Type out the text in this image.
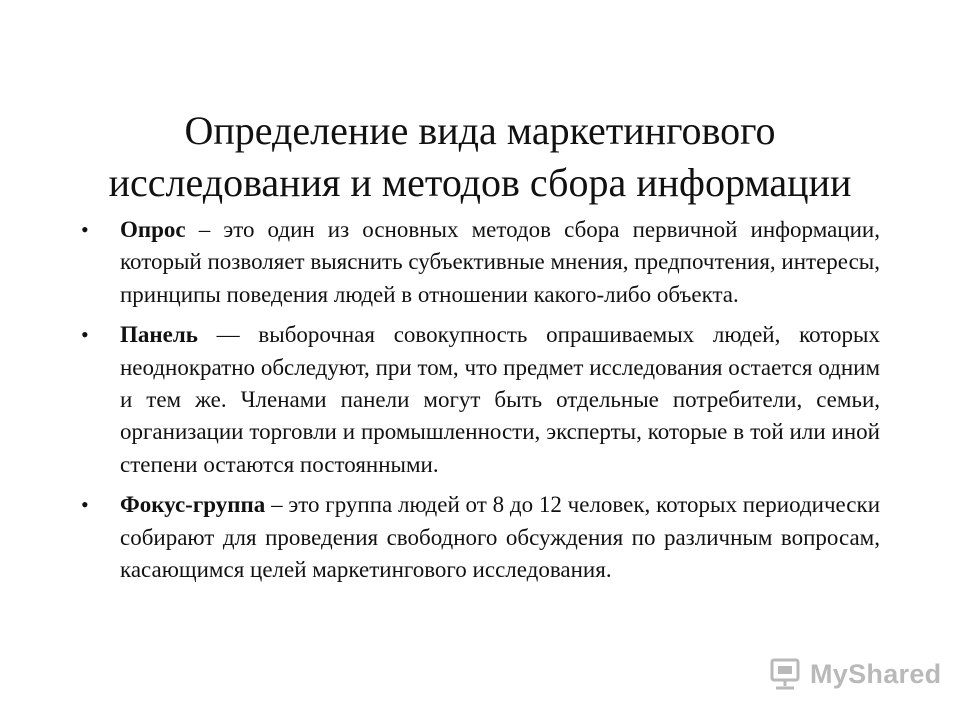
Определение вида маркетингового
исследования и методов сбора информации
• Опрос – это один из основных методов сбора первичной информации, который позволяет выяснить субъективные мнения, предпочтения, интересы, принципы поведения людей в отношении какого-либо объекта.
• Панель — выборочная совокупность опрашиваемых людей, которых неоднократно обследуют, при том, что предмет исследования остается одним и тем же. Членами панели могут быть отдельные потребители, семьи, организации торговли и промышленности, эксперты, которые в той или иной степени остаются постоянными.
• Фокус-группа – это группа людей от 8 до 12 человек, которых периодически собирают для проведения свободного обсуждения по различным вопросам, касающимся целей маркетингового исследования.
MyShared
